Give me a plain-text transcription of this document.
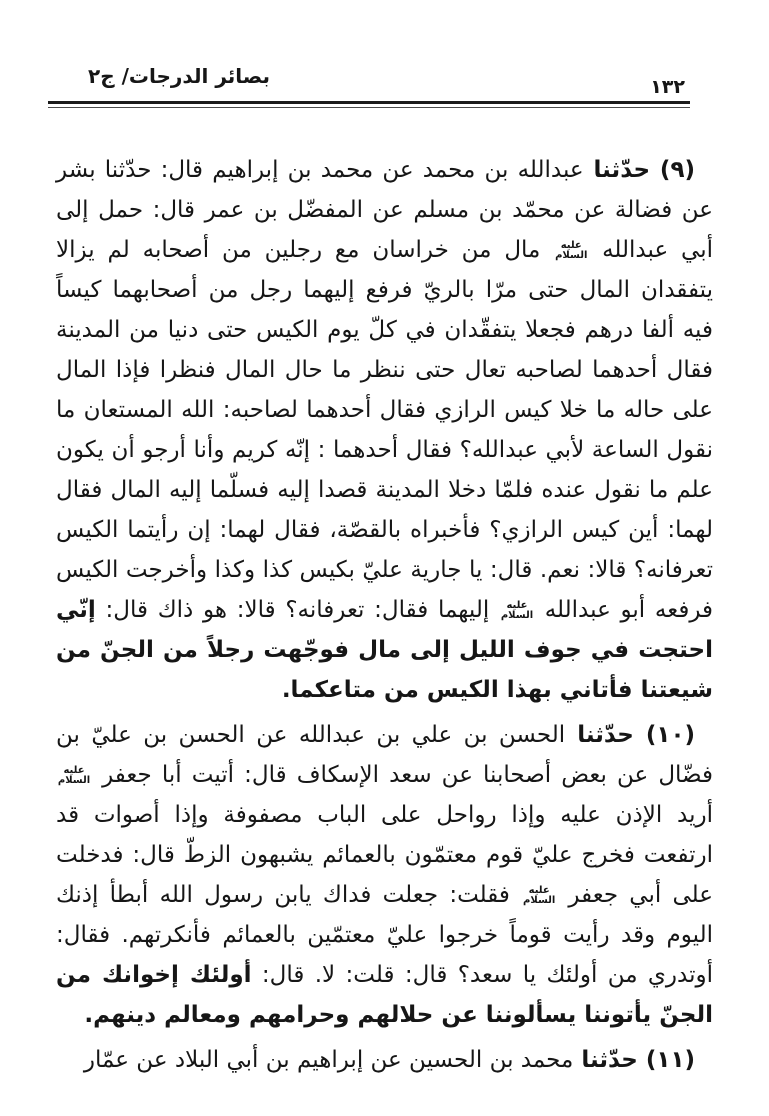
بصائر الدرجات/ ج٢	١٣٢

(٩) حدّثنا عبدالله بن محمد عن محمد بن إبراهيم قال: حدّثنا بشر عن فضالة عن محمّد بن مسلم عن المفضّل بن عمر قال: حمل إلى أبي عبدالله عليه السلام مال من خراسان مع رجلين من أصحابه لم يزالا يتفقدان المال حتى مرّا بالريّ فرفع إليهما رجل من أصحابهما كيساً فيه ألفا درهم فجعلا يتفقّدان في كلّ يوم الكيس حتى دنيا من المدينة فقال أحدهما لصاحبه تعال حتى ننظر ما حال المال فنظرا فإذا المال على حاله ما خلا كيس الرازي فقال أحدهما لصاحبه: الله المستعان ما نقول الساعة لأبي عبدالله؟ فقال أحدهما : إنّه كريم وأنا أرجو أن يكون علم ما نقول عنده فلمّا دخلا المدينة قصدا إليه فسلّما إليه المال فقال لهما: أين كيس الرازي؟ فأخبراه بالقصّة، فقال لهما: إن رأيتما الكيس تعرفانه؟ قالا: نعم. قال: يا جارية عليّ بكيس كذا وكذا وأخرجت الكيس فرفعه أبو عبدالله عليه السلام إليهما فقال: تعرفانه؟ قالا: هو ذاك قال: إنّي احتجت في جوف الليل إلى مال فوجّهت رجلاً من الجنّ من شيعتنا فأتاني بهذا الكيس من متاعكما.

(١٠) حدّثنا الحسن بن علي بن عبدالله عن الحسن بن عليّ بن فضّال عن بعض أصحابنا عن سعد الإسكاف قال: أتيت أبا جعفر عليه السلام أريد الإذن عليه وإذا رواحل على الباب مصفوفة وإذا أصوات قد ارتفعت فخرج عليّ قوم معتمّون بالعمائم يشبهون الزطّ قال: فدخلت على أبي جعفر عليه السلام فقلت: جعلت فداك يابن رسول الله أبطأ إذنك اليوم وقد رأيت قوماً خرجوا عليّ معتمّين بالعمائم فأنكرتهم. فقال: أوتدري من أولئك يا سعد؟ قال: قلت: لا. قال: أولئك إخوانك من الجنّ يأتوننا يسألوننا عن حلالهم وحرامهم ومعالم دينهم.

(١١) حدّثنا محمد بن الحسين عن إبراهيم بن أبي البلاد عن عمّار
